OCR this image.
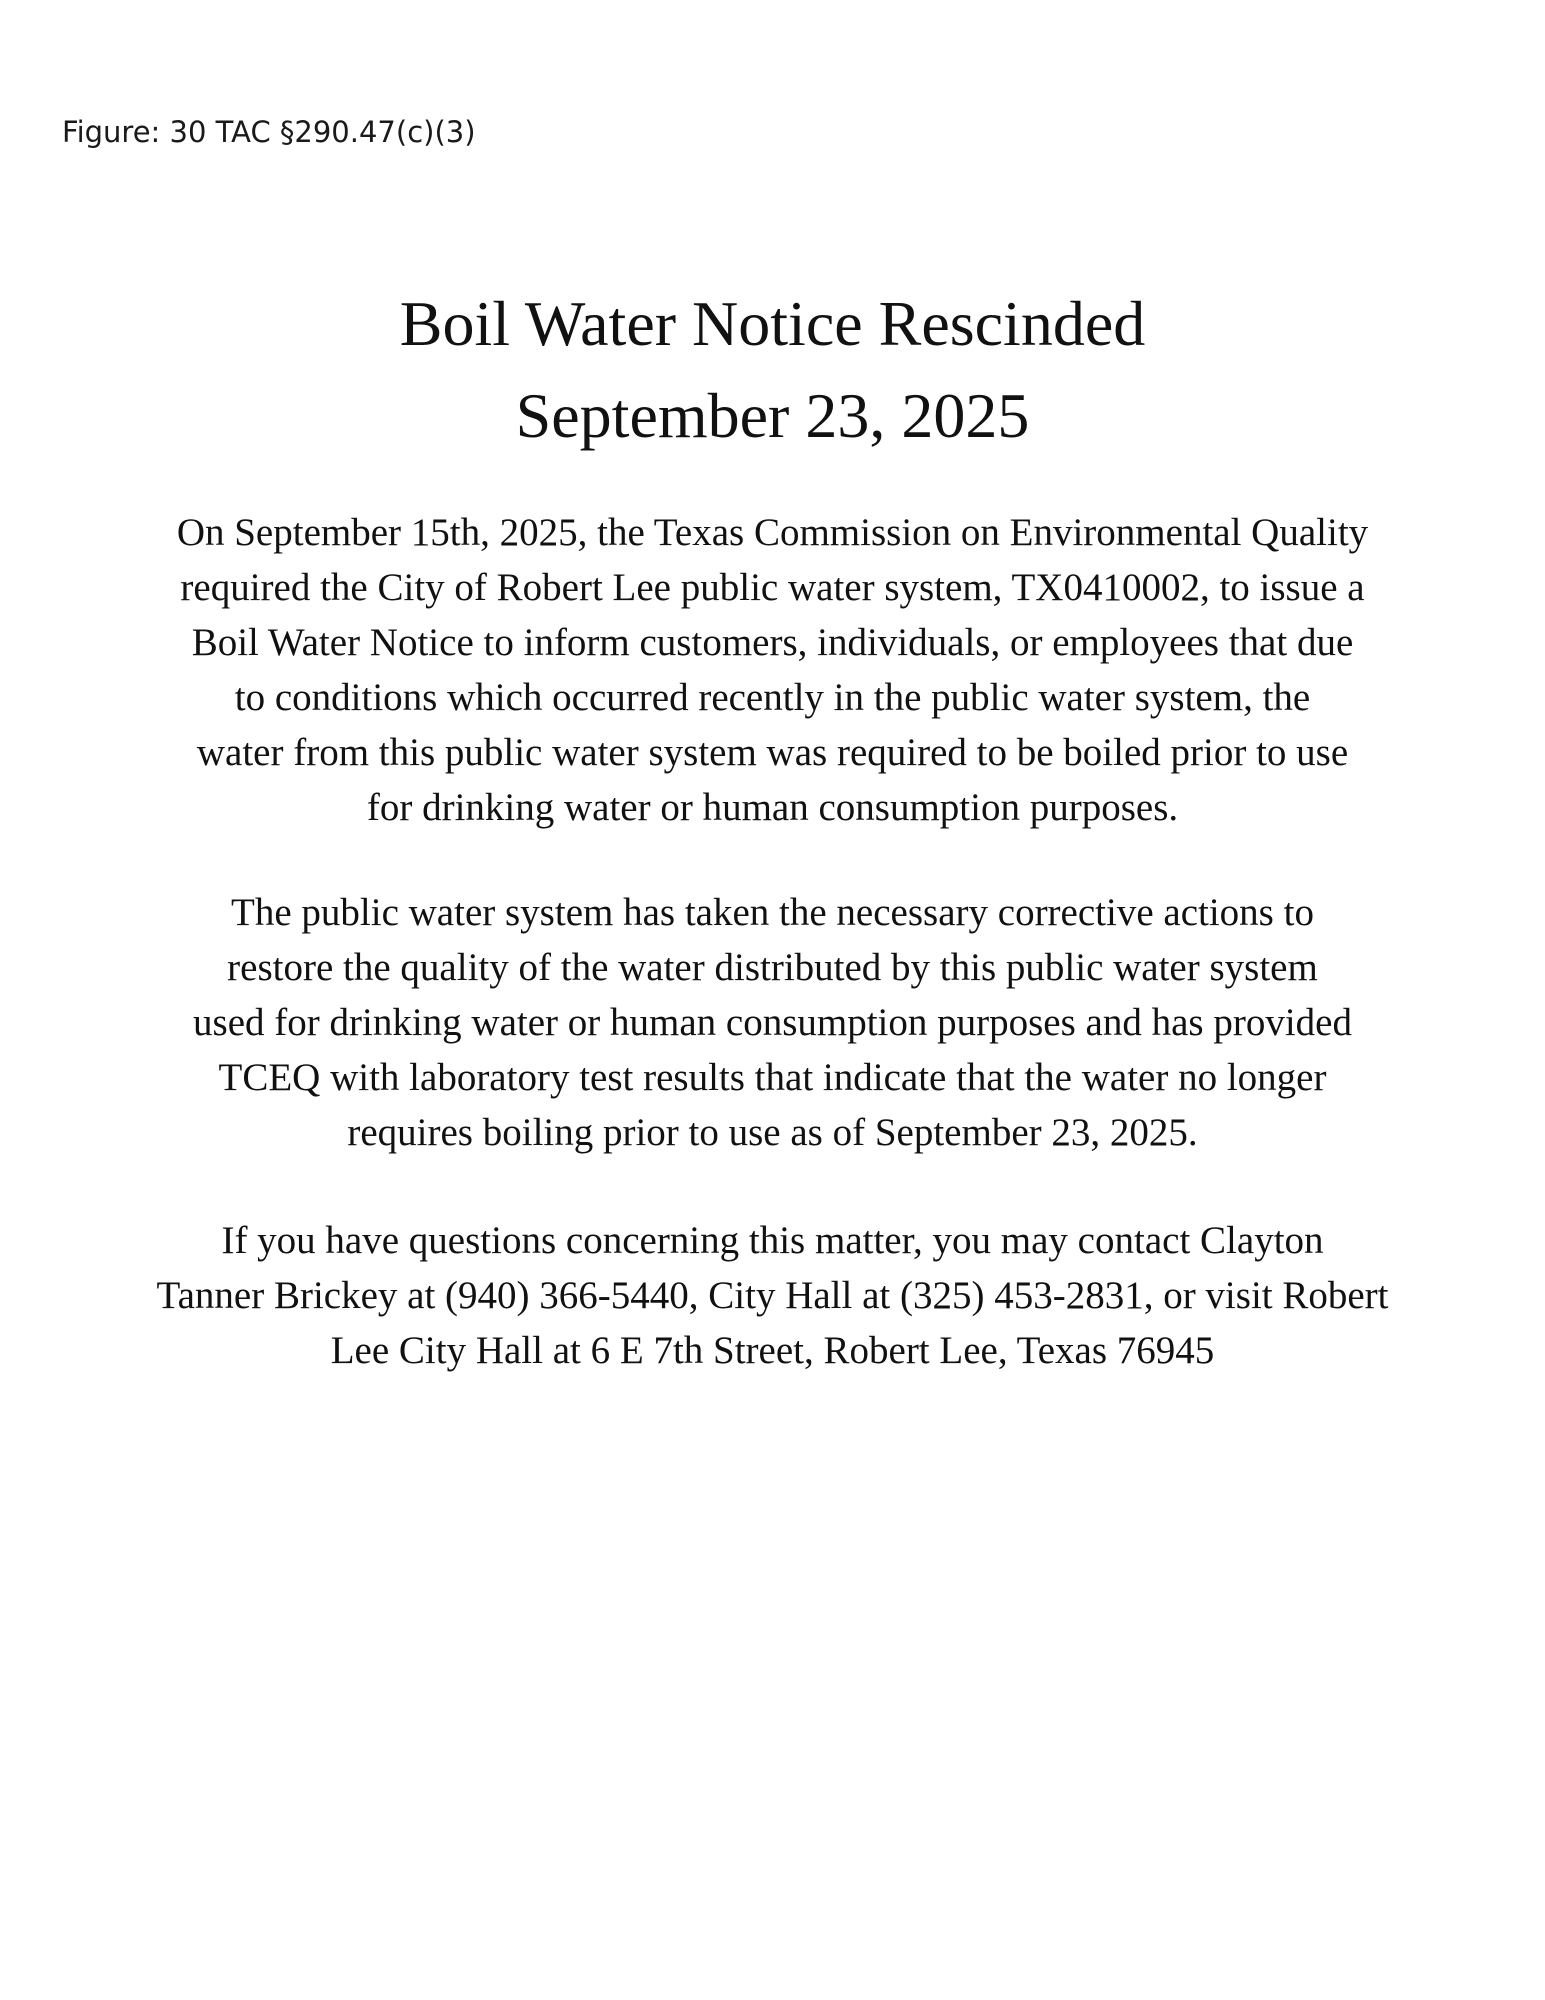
Figure: 30 TAC §290.47(c)(3)

Boil Water Notice Rescinded
September 23, 2025
On September 15th, 2025, the Texas Commission on Environmental Quality
required the City of Robert Lee public water system, TX0410002, to issue a
Boil Water Notice to inform customers, individuals, or employees that due
to conditions which occurred recently in the public water system, the
water from this public water system was required to be boiled prior to use
for drinking water or human consumption purposes.
The public water system has taken the necessary corrective actions to
restore the quality of the water distributed by this public water system
used for drinking water or human consumption purposes and has provided
TCEQ with laboratory test results that indicate that the water no longer
requires boiling prior to use as of September 23, 2025.
If you have questions concerning this matter, you may contact Clayton
Tanner Brickey at (940) 366-5440, City Hall at (325) 453-2831, or visit Robert
Lee City Hall at 6 E 7th Street, Robert Lee, Texas 76945
